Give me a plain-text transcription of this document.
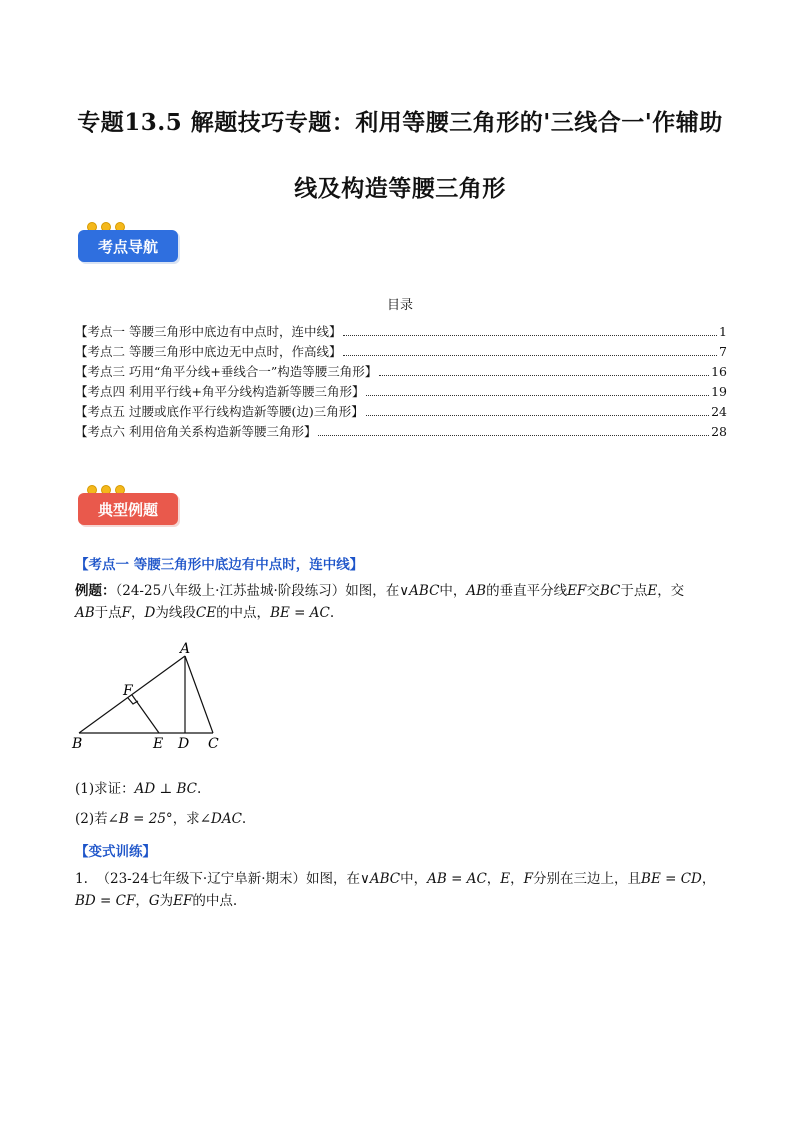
专题13.5 解题技巧专题：利用等腰三角形的'三线合一'作辅助
线及构造等腰三角形
考点导航
目录
【考点一 等腰三角形中底边有中点时，连中线】	1
【考点二 等腰三角形中底边无中点时，作高线】	7
【考点三 巧用“角平分线+垂线合一”构造等腰三角形】	16
【考点四 利用平行线+角平分线构造新等腰三角形】	19
【考点五 过腰或底作平行线构造新等腰(边)三角形】	24
【考点六 利用倍角关系构造新等腰三角形】	28
典型例题
【考点一 等腰三角形中底边有中点时，连中线】
例题：（24-25八年级上·江苏盐城·阶段练习）如图，在∨ABC中，AB的垂直平分线EF交BC于点E，交
AB于点F，D为线段CE的中点，BE = AC.
A
B	C
D
E
F
(1)求证：AD ⊥ BC.
(2)若∠B = 25°，求∠DAC.
【变式训练】
1. （23-24七年级下·辽宁阜新·期末）如图，在∨ABC中，AB = AC，E，F分别在三边上，且BE = CD，
BD = CF，G为EF的中点.
